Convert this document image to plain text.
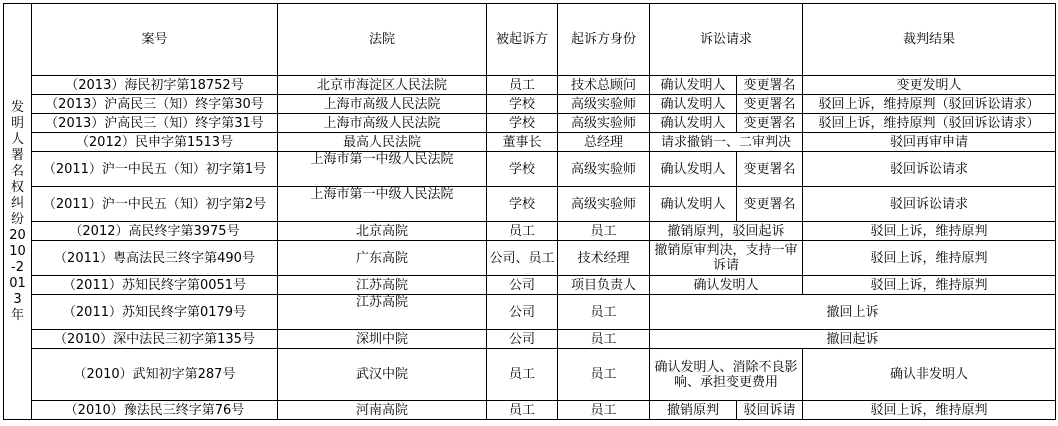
发明人署名权纠纷2010-2013年	案号	法院	被起诉方	起诉方身份	诉讼请求		裁判结果
	（2013）海民初字第18752号	北京市海淀区人民法院	员工	技术总顾问	确认发明人	变更署名	变更发明人
	（2013）沪高民三（知）终字第30号	上海市高级人民法院	学校	高级实验师	确认发明人	变更署名	驳回上诉，维持原判（驳回诉讼请求）
	（2013）沪高民三（知）终字第31号	上海市高级人民法院	学校	高级实验师	确认发明人	变更署名	驳回上诉，维持原判（驳回诉讼请求）
	（2012）民申字第1513号	最高人民法院	董事长	总经理	请求撤销一、二审判决		驳回再审申请
	（2011）沪一中民五（知）初字第1号	上海市第一中级人民法院	学校	高级实验师	确认发明人	变更署名	驳回诉讼请求
	（2011）沪一中民五（知）初字第2号	上海市第一中级人民法院	学校	高级实验师	确认发明人	变更署名	驳回诉讼请求
	（2012）高民终字第3975号	北京高院	员工	员工	撤销原判，驳回起诉		驳回上诉，维持原判
	（2011）粤高法民三终字第490号	广东高院	公司、员工	技术经理	撤销原审判决，支持一审诉请		驳回上诉，维持原判
	（2011）苏知民终字第0051号	江苏高院	公司	项目负责人	确认发明人		驳回上诉，维持原判
	（2011）苏知民终字第0179号	江苏高院	公司	员工	撤回上诉		
	（2010）深中法民三初字第135号	深圳中院	公司	员工	撤回起诉		
	（2010）武知初字第287号	武汉中院	员工	员工	确认发明人、消除不良影响、承担变更费用		确认非发明人
	（2010）豫法民三终字第76号	河南高院	员工	员工	撤销原判	驳回诉请	驳回上诉，维持原判
